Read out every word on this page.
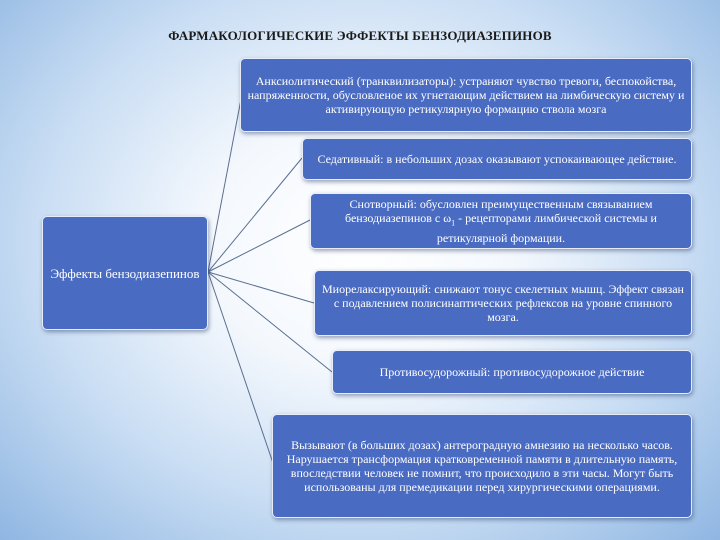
ФАРМАКОЛОГИЧЕСКИЕ ЭФФЕКТЫ БЕНЗОДИАЗЕПИНОВ
Эффекты бензодиазепинов
Анксиолитический (транквилизаторы): устраняют чувство тревоги, беспокойства, напряженности, обусловленое их угнетающим действием на лимбическую систему и активирующую ретикулярную формацию ствола мозга
Седативный: в небольших дозах оказывают успокаивающее действие.
Снотворный: обусловлен преимущественным связыванием бензодиазепинов с $\omega_1$ - рецепторами лимбической системы и ретикулярной формации.
Миорелаксирующий: снижают тонус скелетных мышц. Эффект связан с подавлением полисинаптических рефлексов на уровне спинного мозга.
Противосудорожный: противосудорожное действие
Вызывают (в больших дозах) антероградную амнезию на несколько часов. Нарушается трансформация кратковременной памяти в длительную память, впоследствии человек не помнит, что происходило в эти часы. Могут быть использованы для премедикации перед хирургическими операциями.
